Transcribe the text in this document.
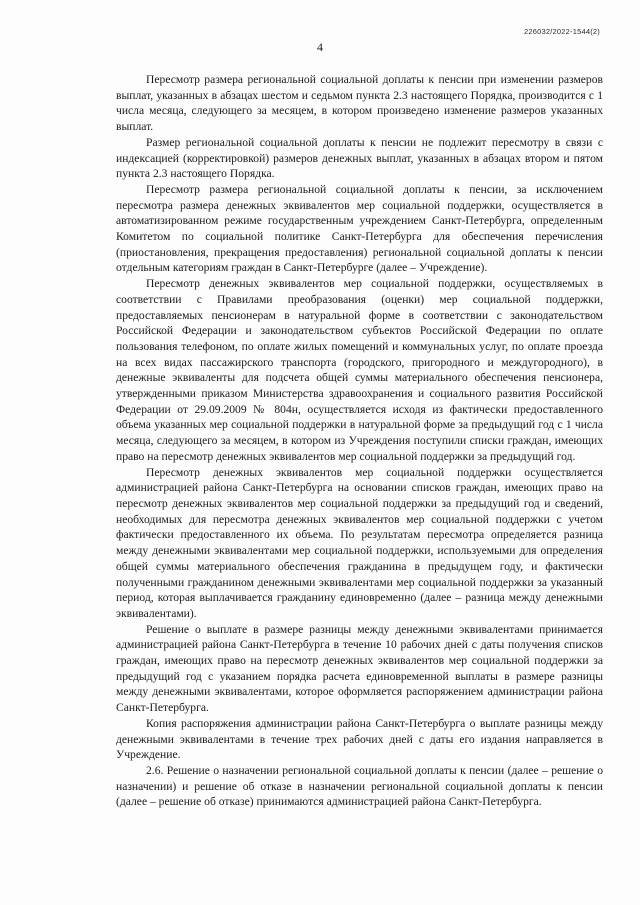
226032/2022-1544(2)
4

Пересмотр размера региональной социальной доплаты к пенсии при изменении размеров выплат, указанных в абзацах шестом и седьмом пункта 2.3 настоящего Порядка, производится с 1 числа месяца, следующего за месяцем, в котором произведено изменение размеров указанных выплат.

Размер региональной социальной доплаты к пенсии не подлежит пересмотру в связи с индексацией (корректировкой) размеров денежных выплат, указанных в абзацах втором и пятом пункта 2.3 настоящего Порядка.

Пересмотр размера региональной социальной доплаты к пенсии, за исключением пересмотра размера денежных эквивалентов мер социальной поддержки, осуществляется в автоматизированном режиме государственным учреждением Санкт-Петербурга, определенным Комитетом по социальной политике Санкт-Петербурга для обеспечения перечисления (приостановления, прекращения предоставления) региональной социальной доплаты к пенсии отдельным категориям граждан в Санкт-Петербурге (далее – Учреждение).

Пересмотр денежных эквивалентов мер социальной поддержки, осуществляемых в соответствии с Правилами преобразования (оценки) мер социальной поддержки, предоставляемых пенсионерам в натуральной форме в соответствии с законодательством Российской Федерации и законодательством субъектов Российской Федерации по оплате пользования телефоном, по оплате жилых помещений и коммунальных услуг, по оплате проезда на всех видах пассажирского транспорта (городского, пригородного и междугородного), в денежные эквиваленты для подсчета общей суммы материального обеспечения пенсионера, утвержденными приказом Министерства здравоохранения и социального развития Российской Федерации от 29.09.2009 № 804н, осуществляется исходя из фактически предоставленного объема указанных мер социальной поддержки в натуральной форме за предыдущий год с 1 числа месяца, следующего за месяцем, в котором из Учреждения поступили списки граждан, имеющих право на пересмотр денежных эквивалентов мер социальной поддержки за предыдущий год.

Пересмотр денежных эквивалентов мер социальной поддержки осуществляется администрацией района Санкт-Петербурга на основании списков граждан, имеющих право на пересмотр денежных эквивалентов мер социальной поддержки за предыдущий год и сведений, необходимых для пересмотра денежных эквивалентов мер социальной поддержки с учетом фактически предоставленного их объема. По результатам пересмотра определяется разница между денежными эквивалентами мер социальной поддержки, используемыми для определения общей суммы материального обеспечения гражданина в предыдущем году, и фактически полученными гражданином денежными эквивалентами мер социальной поддержки за указанный период, которая выплачивается гражданину единовременно (далее – разница между денежными эквивалентами).

Решение о выплате в размере разницы между денежными эквивалентами принимается администрацией района Санкт-Петербурга в течение 10 рабочих дней с даты получения списков граждан, имеющих право на пересмотр денежных эквивалентов мер социальной поддержки за предыдущий год с указанием порядка расчета единовременной выплаты в размере разницы между денежными эквивалентами, которое оформляется распоряжением администрации района Санкт-Петербурга.

Копия распоряжения администрации района Санкт-Петербурга о выплате разницы между денежными эквивалентами в течение трех рабочих дней с даты его издания направляется в Учреждение.

2.6. Решение о назначении региональной социальной доплаты к пенсии (далее – решение о назначении) и решение об отказе в назначении региональной социальной доплаты к пенсии (далее – решение об отказе) принимаются администрацией района Санкт-Петербурга.
